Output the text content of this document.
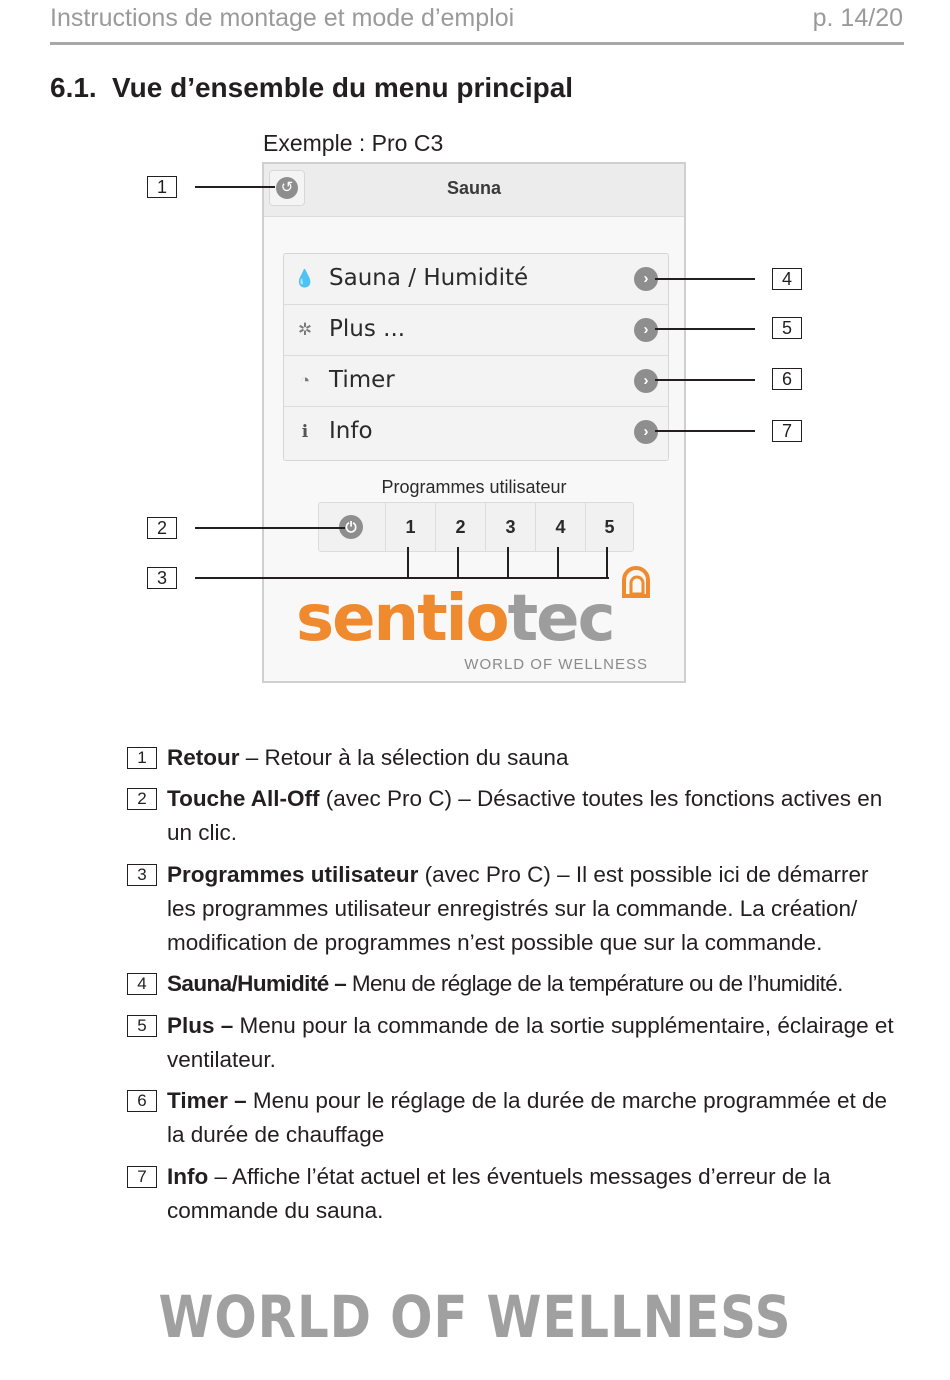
Instructions de montage et mode d’emploi	p. 14/20
6.1. Vue d’ensemble du menu principal
Exemple : Pro C3
↺	Sauna
💧 Sauna / Humidité	›
✲ Plus ...	›
◔ Timer	›
i Info	›
Programmes utilisateur
⏻	1	2	3	4	5
sentiotec
WORLD OF WELLNESS
1
2
3
4
5
6
7
1 Retour – Retour à la sélection du sauna
2 Touche All-Off (avec Pro C) – Désactive toutes les fonctions actives en un clic.
3 Programmes utilisateur (avec Pro C) – Il est possible ici de démarrer les programmes utilisateur enregistrés sur la commande. La création/ modification de programmes n’est possible que sur la commande.
4 Sauna/Humidité – Menu de réglage de la température ou de l’humidité.
5 Plus – Menu pour la commande de la sortie supplémentaire, éclairage et ventilateur.
6 Timer – Menu pour le réglage de la durée de marche programmée et de la durée de chauffage
7 Info – Affiche l’état actuel et les éventuels messages d’erreur de la commande du sauna.
WORLD OF WELLNESS
